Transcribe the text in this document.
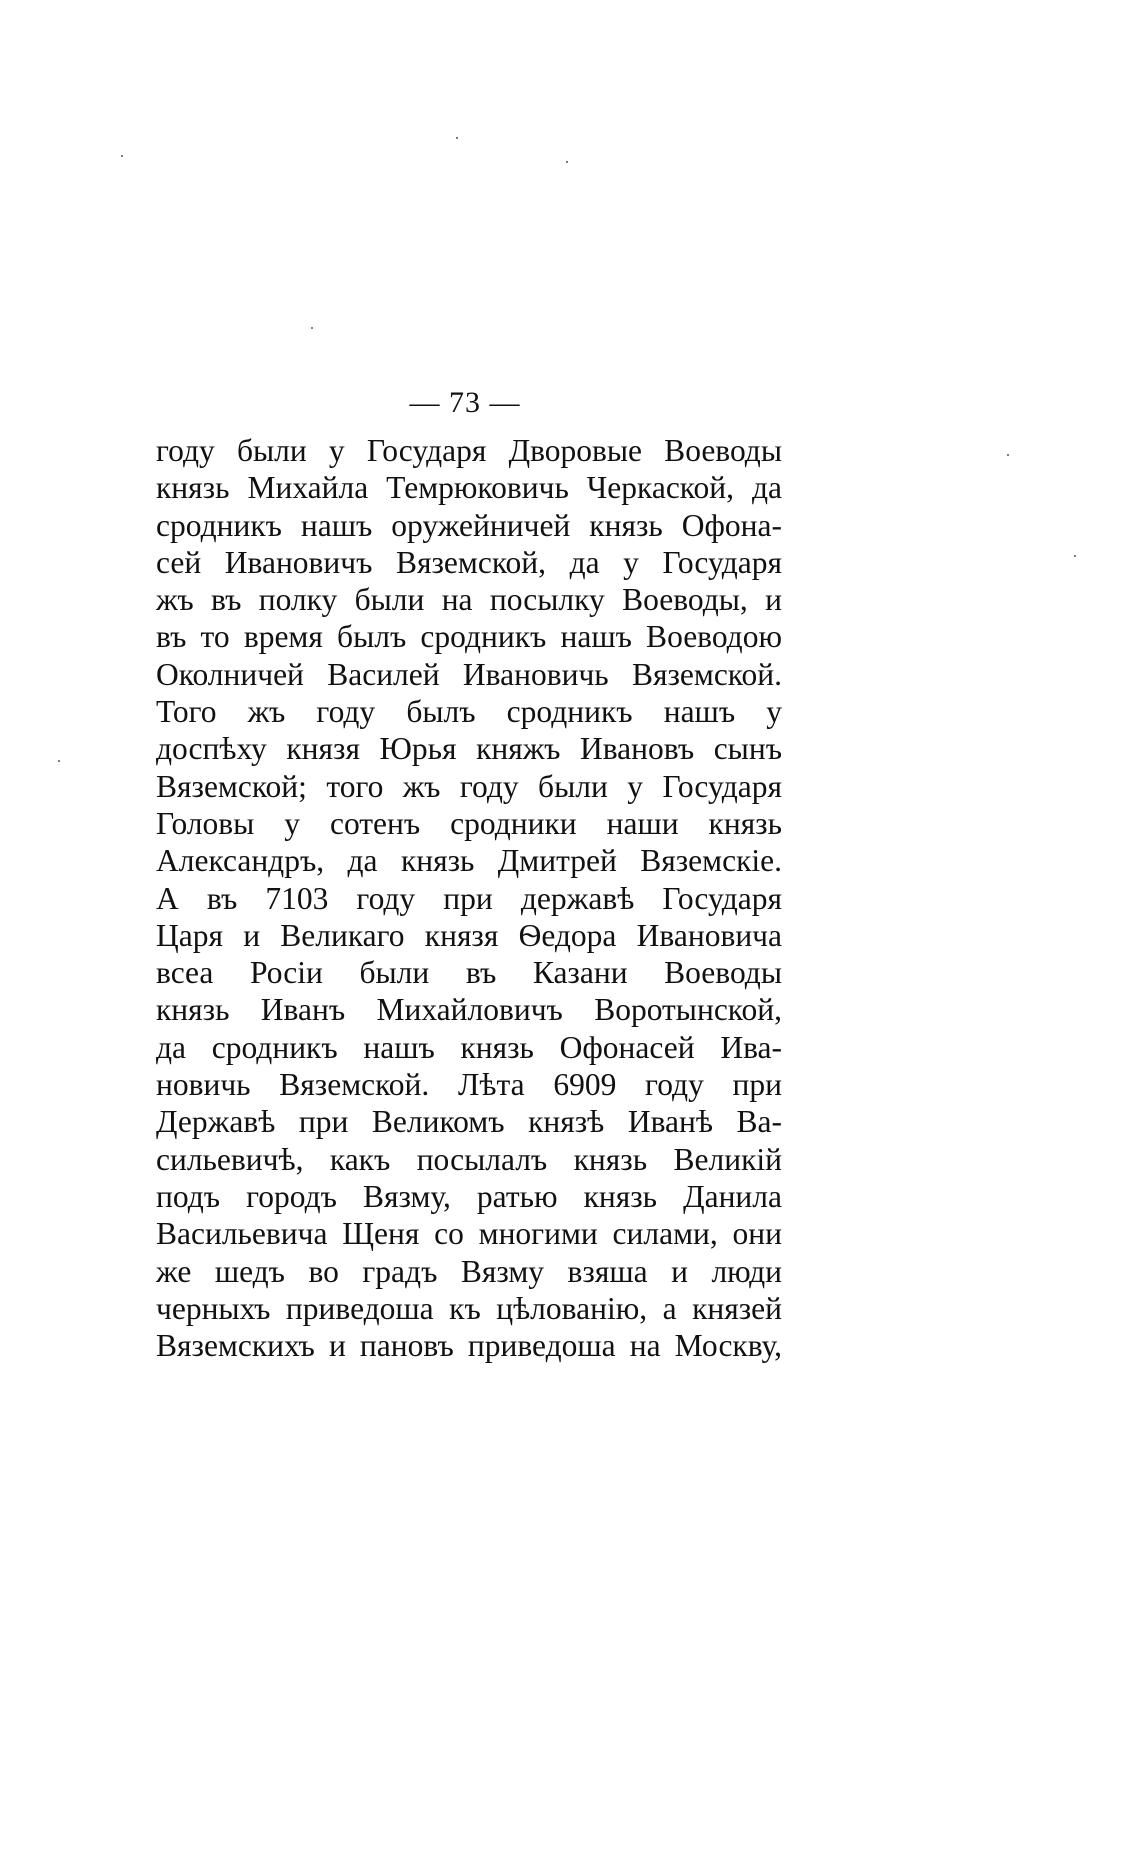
— 73 —
году были у Государя Дворовые Воеводы
князь Михайла Темрюковичь Черкаской, да
сродникъ нашъ оружейничей князь Офона-
сей Ивановичъ Вяземской, да у Государя
жъ въ полку были на посылку Воеводы, и
въ то время былъ сродникъ нашъ Воеводою
Околничей Василей Ивановичь Вяземской.
Того жъ году былъ сродникъ нашъ у
доспѣху князя Юрья княжъ Ивановъ сынъ
Вяземской; того жъ году были у Государя
Головы у сотенъ сродники наши князь
Александръ, да князь Дмитрей Вяземскіе.
А въ 7103 году при державѣ Государя
Царя и Великаго князя Ѳедора Ивановича
всеа Росіи были въ Казани Воеводы
князь Иванъ Михайловичъ Воротынской,
да сродникъ нашъ князь Офонасей Ива-
новичь Вяземской. Лѣта 6909 году при
Державѣ при Великомъ князѣ Иванѣ Ва-
сильевичѣ, какъ посылалъ князь Великій
подъ городъ Вязму, ратью князь Данила
Васильевича Щеня со многими силами, они
же шедъ во градъ Вязму взяша и люди
черныхъ приведоша къ цѣлованію, а князей
Вяземскихъ и пановъ приведоша на Москву,
